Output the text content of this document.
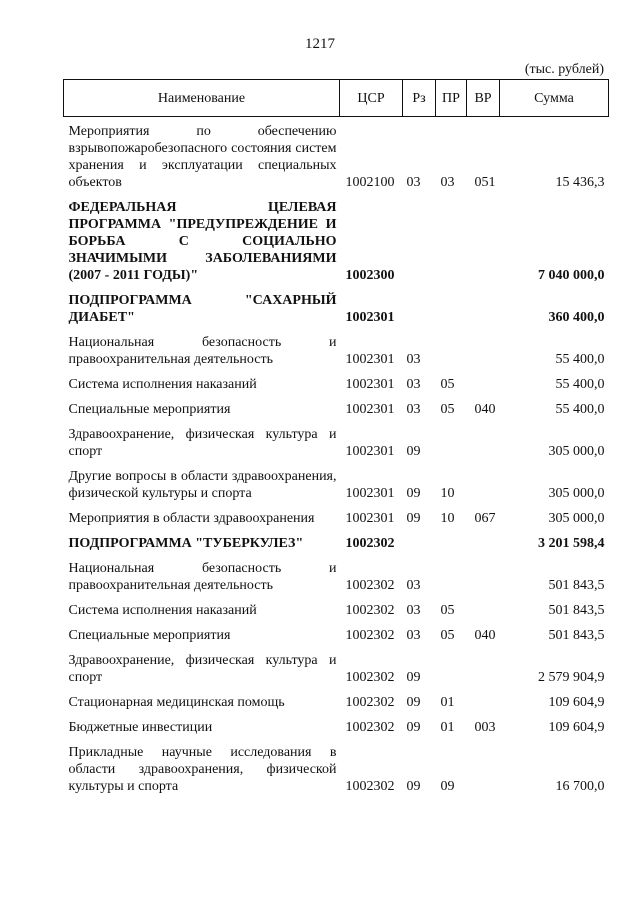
1217
(тыс. рублей)
Наименование	ЦСР	Рз	ПР	ВР	Сумма
Мероприятия по обеспечению взрывопожаробезопасного состояния систем хранения и эксплуатации специальных объектов	1002100	03	03	051	15 436,3
ФЕДЕРАЛЬНАЯ ЦЕЛЕВАЯ ПРОГРАММА "ПРЕДУПРЕЖДЕНИЕ И БОРЬБА С СОЦИАЛЬНО ЗНАЧИМЫМИ ЗАБОЛЕВАНИЯМИ (2007 - 2011 ГОДЫ)"	1002300				7 040 000,0
ПОДПРОГРАММА "САХАРНЫЙ ДИАБЕТ"	1002301				360 400,0
Национальная безопасность и правоохранительная деятельность	1002301	03			55 400,0
Система исполнения наказаний	1002301	03	05		55 400,0
Специальные мероприятия	1002301	03	05	040	55 400,0
Здравоохранение, физическая культура и спорт	1002301	09			305 000,0
Другие вопросы в области здравоохранения, физической культуры и спорта	1002301	09	10		305 000,0
Мероприятия в области здравоохранения	1002301	09	10	067	305 000,0
ПОДПРОГРАММА "ТУБЕРКУЛЕЗ"	1002302				3 201 598,4
Национальная безопасность и правоохранительная деятельность	1002302	03			501 843,5
Система исполнения наказаний	1002302	03	05		501 843,5
Специальные мероприятия	1002302	03	05	040	501 843,5
Здравоохранение, физическая культура и спорт	1002302	09			2 579 904,9
Стационарная медицинская помощь	1002302	09	01		109 604,9
Бюджетные инвестиции	1002302	09	01	003	109 604,9
Прикладные научные исследования в области здравоохранения, физической культуры и спорта	1002302	09	09		16 700,0
